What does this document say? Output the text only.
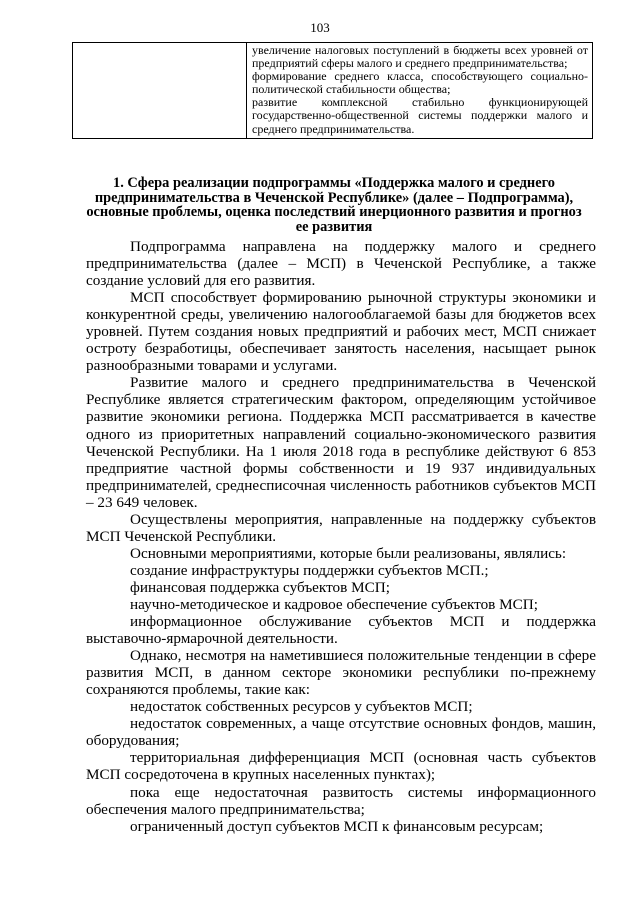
103

увеличение налоговых поступлений в бюджеты всех уровней от предприятий сферы малого и среднего предпринимательства;

формирование среднего класса, способствующего социально-политической стабильности общества;

развитие комплексной стабильно функционирующей государственно-общественной системы поддержки малого и среднего предпринимательства.

1. Сфера реализации подпрограммы «Поддержка малого и среднего предпринимательства в Чеченской Республике» (далее – Подпрограмма), основные проблемы, оценка последствий инерционного развития и прогноз ее развития

Подпрограмма направлена на поддержку малого и среднего предпринимательства (далее – МСП) в Чеченской Республике, а также создание условий для его развития.

МСП способствует формированию рыночной структуры экономики и конкурентной среды, увеличению налогооблагаемой базы для бюджетов всех уровней. Путем создания новых предприятий и рабочих мест, МСП снижает остроту безработицы, обеспечивает занятость населения, насыщает рынок разнообразными товарами и услугами.

Развитие малого и среднего предпринимательства в Чеченской Республике является стратегическим фактором, определяющим устойчивое развитие экономики региона. Поддержка МСП рассматривается в качестве одного из приоритетных направлений социально-экономического развития Чеченской Республики. На 1 июля 2018 года в республике действуют 6 853 предприятие частной формы собственности и 19 937 индивидуальных предпринимателей, среднесписочная численность работников субъектов МСП – 23 649 человек.

Осуществлены мероприятия, направленные на поддержку субъектов МСП Чеченской Республики.

Основными мероприятиями, которые были реализованы, являлись:

создание инфраструктуры поддержки субъектов МСП.;

финансовая поддержка субъектов МСП;

научно-методическое и кадровое обеспечение субъектов МСП;

информационное обслуживание субъектов МСП и поддержка выставочно-ярмарочной деятельности.

Однако, несмотря на наметившиеся положительные тенденции в сфере развития МСП, в данном секторе экономики республики по-прежнему сохраняются проблемы, такие как:

недостаток собственных ресурсов у субъектов МСП;

недостаток современных, а чаще отсутствие основных фондов, машин, оборудования;

территориальная дифференциация МСП (основная часть субъектов МСП сосредоточена в крупных населенных пунктах);

пока еще недостаточная развитость системы информационного обеспечения малого предпринимательства;

ограниченный доступ субъектов МСП к финансовым ресурсам;
